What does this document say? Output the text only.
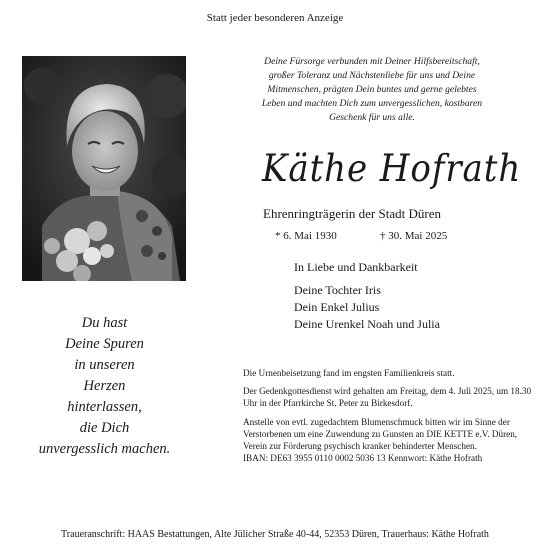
Statt jeder besonderen Anzeige
Deine Fürsorge verbunden mit Deiner Hilfsbereitschaft,
großer Toleranz und Nächstenliebe für uns und Deine
Mitmenschen, prägten Dein buntes und gerne gelebtes
Leben und machten Dich zum unvergesslichen, kostbaren
Geschenk für uns alle.
Käthe Hofrath
Ehrenringträgerin der Stadt Düren
* 6. Mai 1930	† 30. Mai 2025
In Liebe und Dankbarkeit
Deine Tochter Iris
Dein Enkel Julius
Deine Urenkel Noah und Julia
Du hast
Deine Spuren
in unseren
Herzen
hinterlassen,
die Dich
unvergesslich machen.

Die Urnenbeisetzung fand im engsten Familienkreis statt.

Der Gedenkgottesdienst wird gehalten am Freitag, dem 4. Juli 2025, um 18.30 Uhr in der Pfarrkirche St. Peter zu Birkesdorf.

Anstelle von evtl. zugedachtem Blumenschmuck bitten wir im Sinne der Verstorbenen um eine Zuwendung zu Gunsten an DIE KETTE e.V. Düren, Verein zur Förderung psychisch kranker behinderter Menschen.

IBAN: DE63 3955 0110 0002 5036 13 Kennwort: Käthe Hofrath

Traueranschrift: HAAS Bestattungen, Alte Jülicher Straße 40-44, 52353 Düren, Trauerhaus: Käthe Hofrath
